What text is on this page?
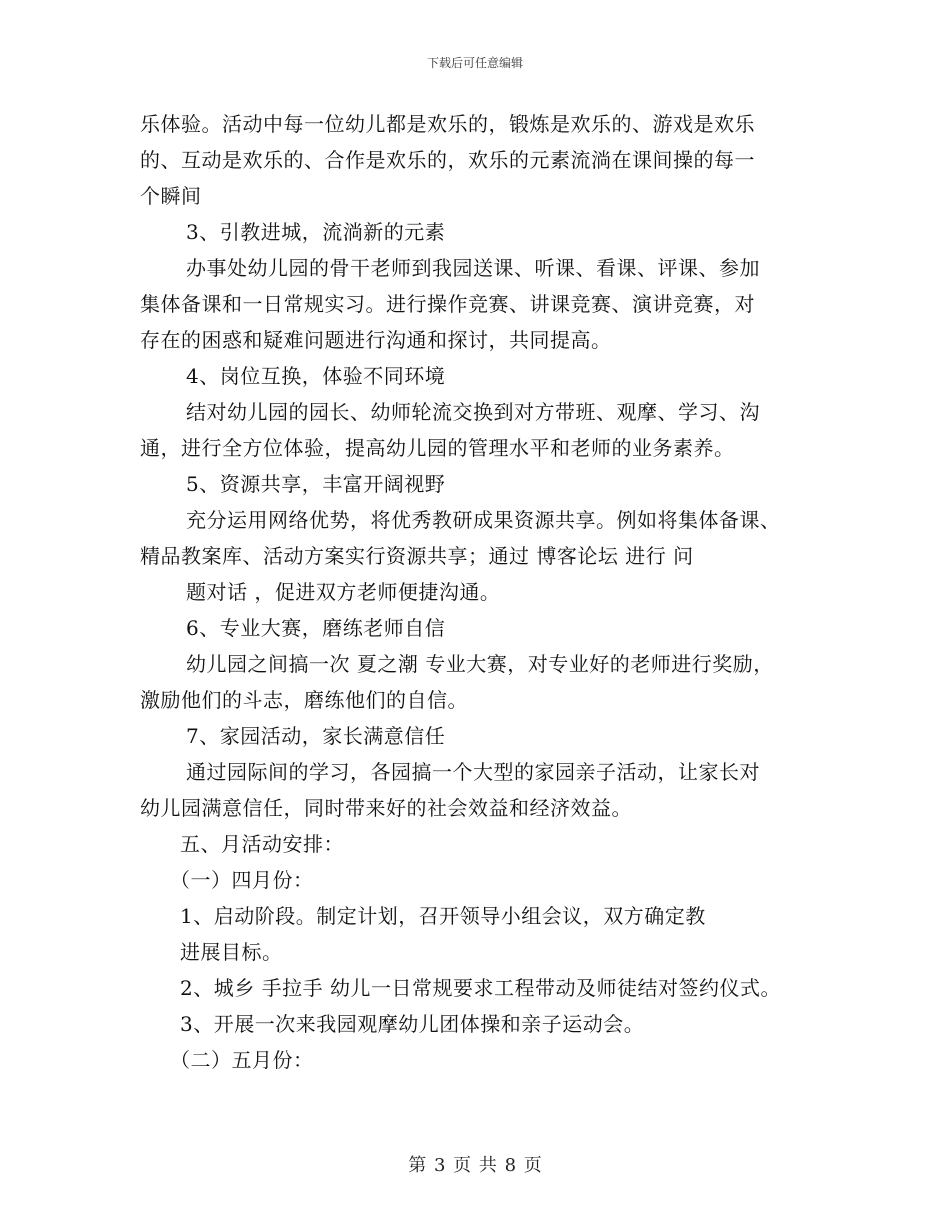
下载后可任意编辑
乐体验。活动中每一位幼儿都是欢乐的，锻炼是欢乐的、游戏是欢乐
的、互动是欢乐的、合作是欢乐的，欢乐的元素流淌在课间操的每一
个瞬间
3、引教进城，流淌新的元素
办事处幼儿园的骨干老师到我园送课、听课、看课、评课、参加
集体备课和一日常规实习。进行操作竞赛、讲课竞赛、演讲竞赛，对
存在的困惑和疑难问题进行沟通和探讨，共同提高。
4、岗位互换，体验不同环境
结对幼儿园的园长、幼师轮流交换到对方带班、观摩、学习、沟
通，进行全方位体验，提高幼儿园的管理水平和老师的业务素养。
5、资源共享，丰富开阔视野
充分运用网络优势，将优秀教研成果资源共享。例如将集体备课、
精品教案库、活动方案实行资源共享；通过 博客论坛 进行 问
题对话 ，促进双方老师便捷沟通。
6、专业大赛，磨练老师自信
幼儿园之间搞一次 夏之潮 专业大赛，对专业好的老师进行奖励，
激励他们的斗志，磨练他们的自信。
7、家园活动，家长满意信任
通过园际间的学习，各园搞一个大型的家园亲子活动，让家长对
幼儿园满意信任，同时带来好的社会效益和经济效益。
五、月活动安排：
（一）四月份：
1、启动阶段。制定计划，召开领导小组会议，双方确定教
进展目标。
2、城乡 手拉手 幼儿一日常规要求工程带动及师徒结对签约仪式。
3、开展一次来我园观摩幼儿团体操和亲子运动会。
（二）五月份：
第 3 页 共 8 页
